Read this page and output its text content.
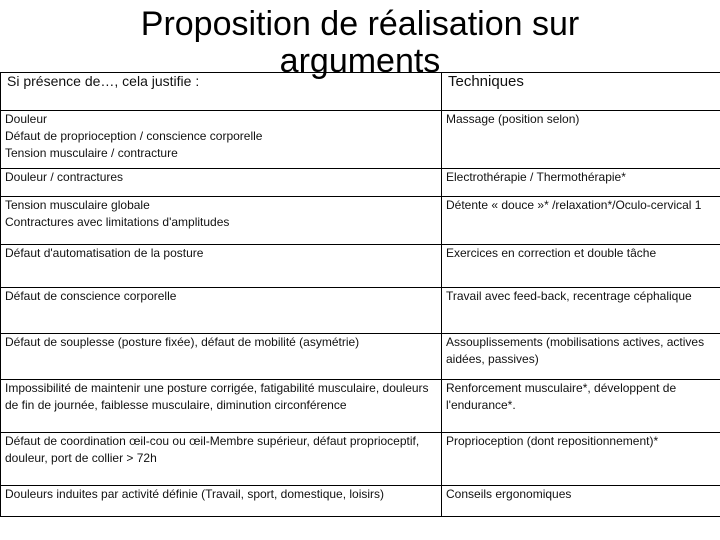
Proposition de réalisation sur
arguments
Si présence de…, cela justifie :	Techniques

Douleur
Défaut de proprioception / conscience corporelle
Tension musculaire / contracture	Massage (position selon)

Douleur / contractures	Electrothérapie / Thermothérapie*

Tension musculaire globale
Contractures avec limitations d'amplitudes	Détente « douce »* /relaxation*/Oculo-cervical 1

Défaut d'automatisation de la posture	Exercices en correction et double tâche

Défaut de conscience corporelle	Travail avec feed-back, recentrage céphalique

Défaut de souplesse (posture fixée), défaut de mobilité (asymétrie)	Assouplissements (mobilisations actives, actives
aidées, passives)

Impossibilité de maintenir une posture corrigée, fatigabilité musculaire, douleurs
de fin de journée, faiblesse musculaire, diminution circonférence	Renforcement musculaire*, développent de
l'endurance*.

Défaut de coordination œil-cou ou œil-Membre supérieur, défaut proprioceptif,
douleur, port de collier > 72h	Proprioception (dont repositionnement)*

Douleurs induites par activité définie (Travail, sport, domestique, loisirs)	Conseils ergonomiques
